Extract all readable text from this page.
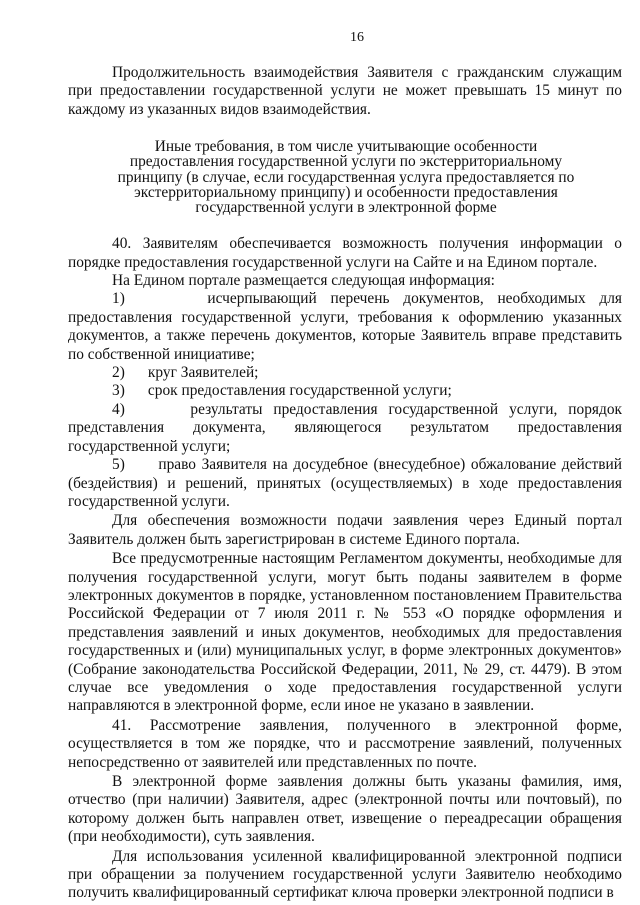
16

Продолжительность взаимодействия Заявителя с гражданским служащим при предоставлении государственной услуги не может превышать 15 минут по каждому из указанных видов взаимодействия.

Иные требования, в том числе учитывающие особенности
предоставления государственной услуги по экстерриториальному
принципу (в случае, если государственная услуга предоставляется по
экстерриториальному принципу) и особенности предоставления
государственной услуги в электронной форме

40. Заявителям обеспечивается возможность получения информации о порядке предоставления государственной услуги на Сайте и на Едином портале.

На Едином портале размещается следующая информация:

1)	исчерпывающий перечень документов, необходимых для предоставления государственной услуги, требования к оформлению указанных документов, а также перечень документов, которые Заявитель вправе представить по собственной инициативе;

2) круг Заявителей;

3) срок предоставления государственной услуги;

4)	результаты предоставления государственной услуги, порядок представления документа, являющегося результатом предоставления государственной услуги;

5) право Заявителя на досудебное (внесудебное) обжалование действий (бездействия) и решений, принятых (осуществляемых) в ходе предоставления государственной услуги.

Для обеспечения возможности подачи заявления через Единый портал Заявитель должен быть зарегистрирован в системе Единого портала.

Все предусмотренные настоящим Регламентом документы, необходимые для получения государственной услуги, могут быть поданы заявителем в форме электронных документов в порядке, установленном постановлением Правительства Российской Федерации от 7 июля 2011 г. № 553 «О порядке оформления и представления заявлений и иных документов, необходимых для предоставления государственных и (или) муниципальных услуг, в форме электронных документов» (Собрание законодательства Российской Федерации, 2011, № 29, ст. 4479). В этом случае все уведомления о ходе предоставления государственной услуги направляются в электронной форме, если иное не указано в заявлении.

41. Рассмотрение заявления, полученного в электронной форме, осуществляется в том же порядке, что и рассмотрение заявлений, полученных непосредственно от заявителей или представленных по почте.

В электронной форме заявления должны быть указаны фамилия, имя, отчество (при наличии) Заявителя, адрес (электронной почты или почтовый), по которому должен быть направлен ответ, извещение о переадресации обращения (при необходимости), суть заявления.

Для использования усиленной квалифицированной электронной подписи при обращении за получением государственной услуги Заявителю необходимо получить квалифицированный сертификат ключа проверки электронной подписи в
